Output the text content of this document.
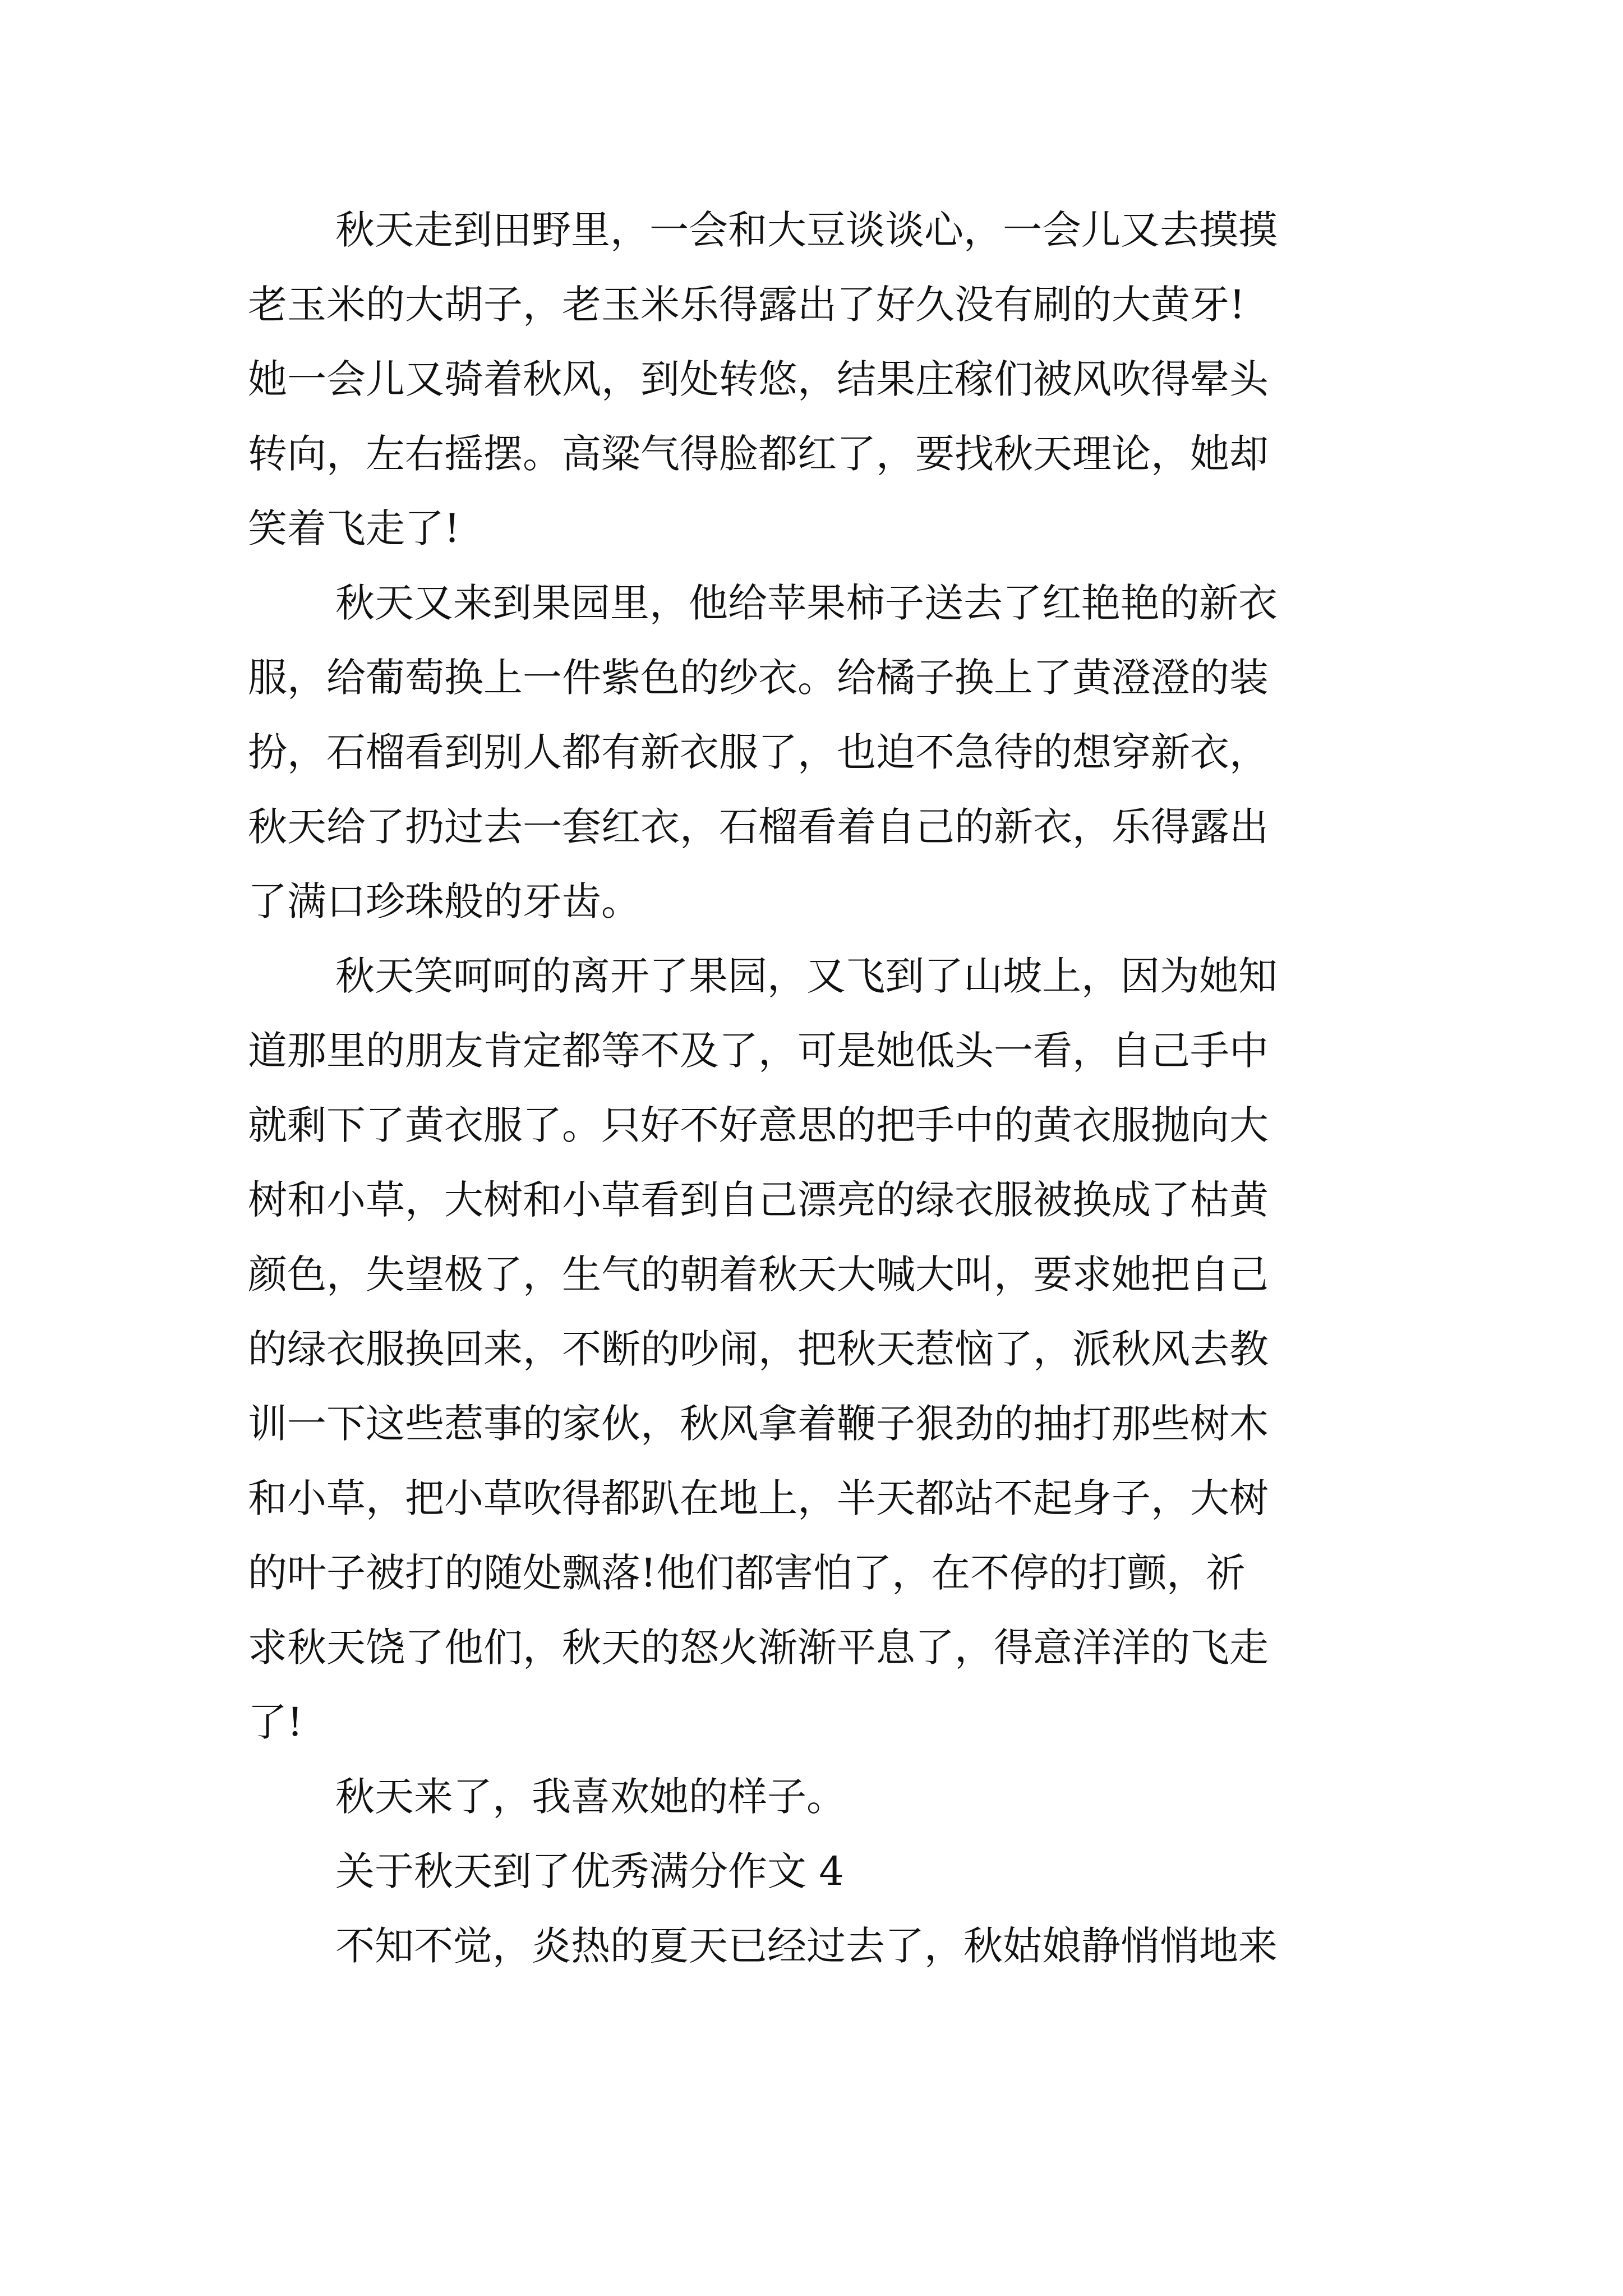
秋天走到田野里，一会和大豆谈谈心，一会儿又去摸摸
老玉米的大胡子，老玉米乐得露出了好久没有刷的大黄牙!
她一会儿又骑着秋风，到处转悠，结果庄稼们被风吹得晕头
转向，左右摇摆。高粱气得脸都红了，要找秋天理论，她却
笑着飞走了!
秋天又来到果园里，他给苹果柿子送去了红艳艳的新衣
服，给葡萄换上一件紫色的纱衣。给橘子换上了黄澄澄的装
扮，石榴看到别人都有新衣服了，也迫不急待的想穿新衣，
秋天给了扔过去一套红衣，石榴看着自己的新衣，乐得露出
了满口珍珠般的牙齿。
秋天笑呵呵的离开了果园，又飞到了山坡上，因为她知
道那里的朋友肯定都等不及了，可是她低头一看，自己手中
就剩下了黄衣服了。只好不好意思的把手中的黄衣服抛向大
树和小草，大树和小草看到自己漂亮的绿衣服被换成了枯黄
颜色，失望极了，生气的朝着秋天大喊大叫，要求她把自己
的绿衣服换回来，不断的吵闹，把秋天惹恼了，派秋风去教
训一下这些惹事的家伙，秋风拿着鞭子狠劲的抽打那些树木
和小草，把小草吹得都趴在地上，半天都站不起身子，大树
的叶子被打的随处飘落!他们都害怕了，在不停的打颤，祈
求秋天饶了他们，秋天的怒火渐渐平息了，得意洋洋的飞走
了!
秋天来了，我喜欢她的样子。
关于秋天到了优秀满分作文 4
不知不觉，炎热的夏天已经过去了，秋姑娘静悄悄地来
